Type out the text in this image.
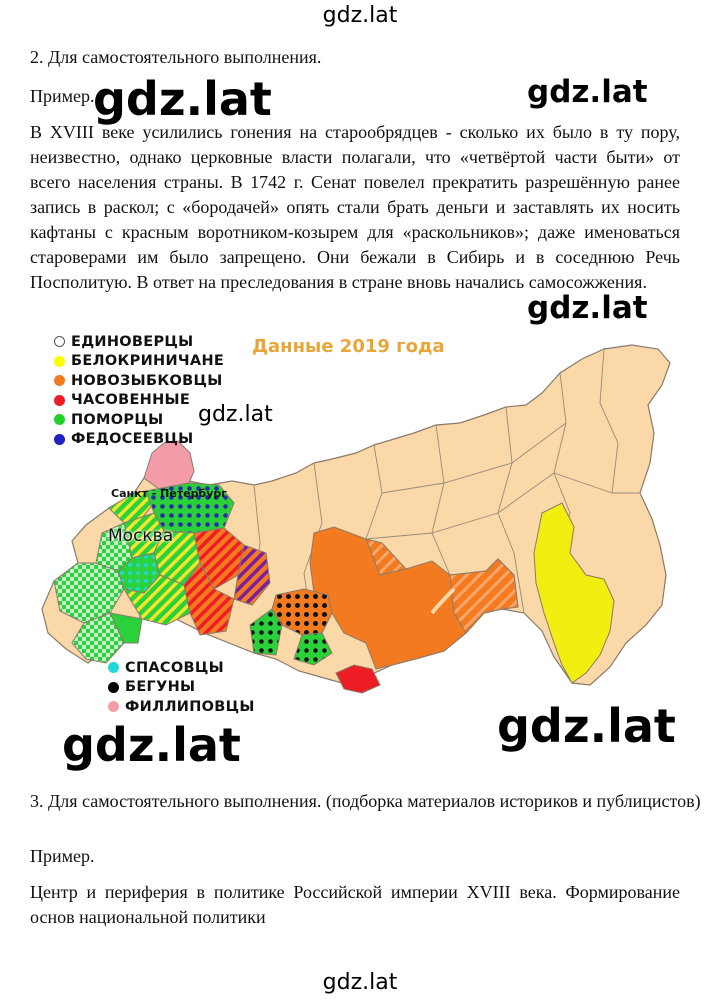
gdz.lat
2. Для самостоятельного выполнения.
Пример.
В XVIII веке усилились гонения на старообрядцев - сколько их было в ту пору, неизвестно, однако церковные власти полагали, что «четвёртой части быти» от всего населения страны. В 1742 г. Сенат повелел прекратить разрешённую ранее запись в раскол; с «бородачей» опять стали брать деньги и заставлять их носить кафтаны с красным воротником-козырем для «раскольников»; даже именоваться староверами им было запрещено. Они бежали в Сибирь и в соседнюю Речь Посполитую. В ответ на преследования в стране вновь начались самосожжения.
ЕДИНОВЕРЦЫ
БЕЛОКРИНИЧАНЕ
НОВОЗЫБКОВЦЫ
ЧАСОВЕННЫЕ
ПОМОРЦЫ
ФЕДОСЕЕВЦЫ
СПАСОВЦЫ
БЕГУНЫ
ФИЛЛИПОВЦЫ
Данные 2019 года
Санкт - Петербург
Москва
3. Для самостоятельного выполнения. (подборка материалов историков и публицистов)
Пример.
Центр и периферия в политике Российской империи XVIII века. Формирование основ национальной политики
gdz.lat	gdz.lat
gdz.lat
gdz.lat
gdz.lat	gdz.lat
gdz.lat
